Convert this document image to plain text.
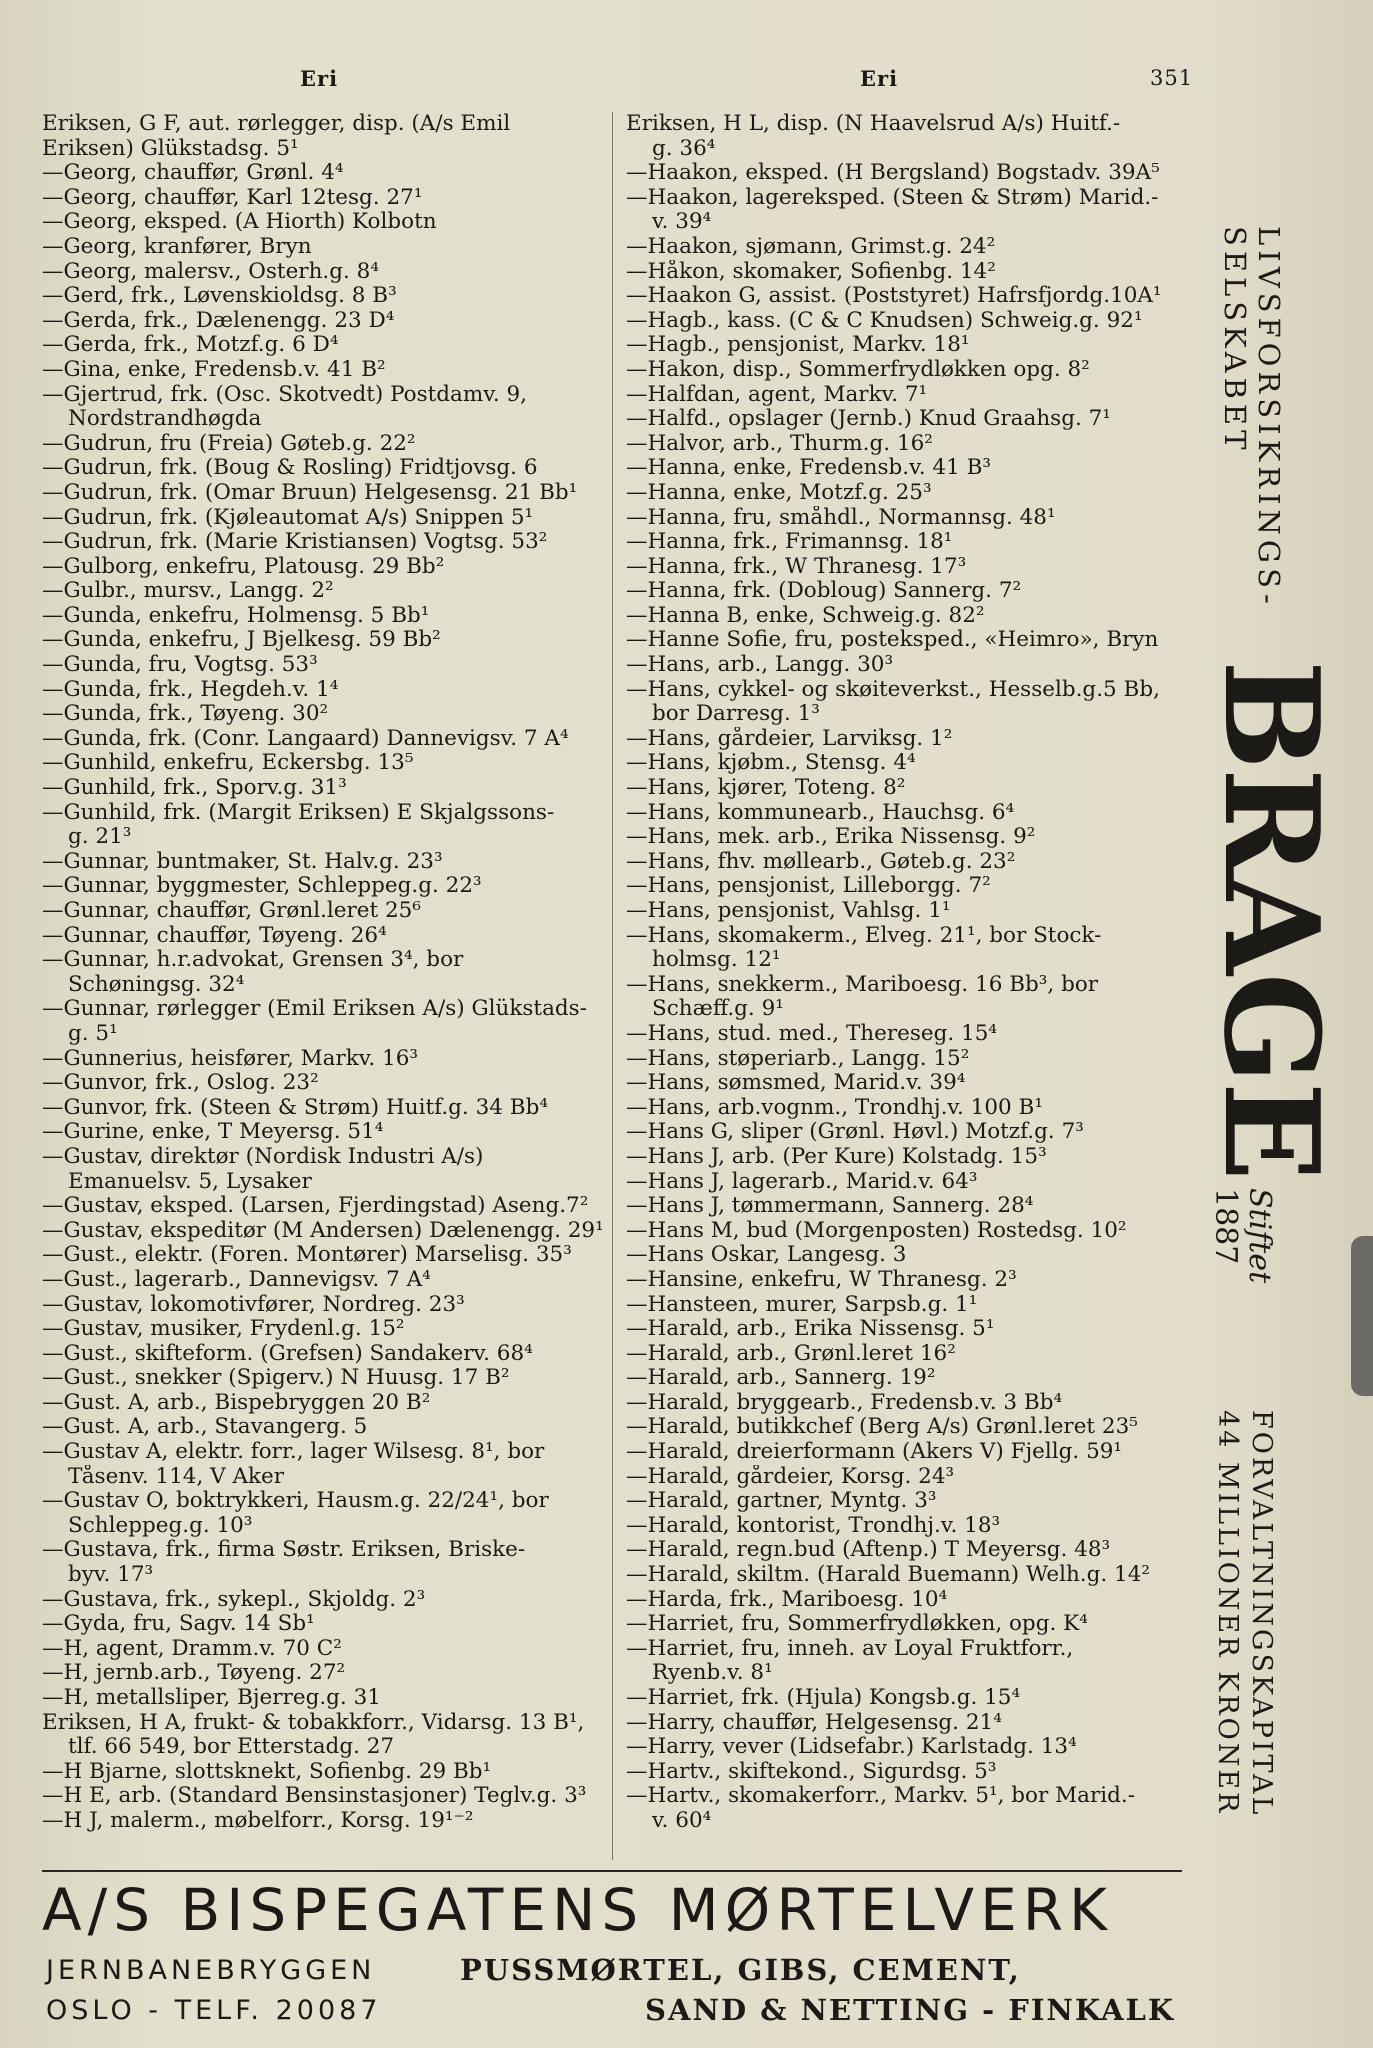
Eri	Eri	351
Eriksen, G F, aut. rørlegger, disp. (A/s Emil
Eriksen) Glükstadsg. 5¹
—Georg, chauffør, Grønl. 4⁴
—Georg, chauffør, Karl 12tesg. 27¹
—Georg, eksped. (A Hiorth) Kolbotn
—Georg, kranfører, Bryn
—Georg, malersv., Osterh.g. 8⁴
—Gerd, frk., Løvenskioldsg. 8 B³
—Gerda, frk., Dælenengg. 23 D⁴
—Gerda, frk., Motzf.g. 6 D⁴
—Gina, enke, Fredensb.v. 41 B²
—Gjertrud, frk. (Osc. Skotvedt) Postdamv. 9,
Nordstrandhøgda
—Gudrun, fru (Freia) Gøteb.g. 22²
—Gudrun, frk. (Boug & Rosling) Fridtjovsg. 6
—Gudrun, frk. (Omar Bruun) Helgesensg. 21 Bb¹
—Gudrun, frk. (Kjøleautomat A/s) Snippen 5¹
—Gudrun, frk. (Marie Kristiansen) Vogtsg. 53²
—Gulborg, enkefru, Platousg. 29 Bb²
—Gulbr., mursv., Langg. 2²
—Gunda, enkefru, Holmensg. 5 Bb¹
—Gunda, enkefru, J Bjelkesg. 59 Bb²
—Gunda, fru, Vogtsg. 53³
—Gunda, frk., Hegdeh.v. 1⁴
—Gunda, frk., Tøyeng. 30²
—Gunda, frk. (Conr. Langaard) Dannevigsv. 7 A⁴
—Gunhild, enkefru, Eckersbg. 13⁵
—Gunhild, frk., Sporv.g. 31³
—Gunhild, frk. (Margit Eriksen) E Skjalgssons-
g. 21³
—Gunnar, buntmaker, St. Halv.g. 23³
—Gunnar, byggmester, Schleppeg.g. 22³
—Gunnar, chauffør, Grønl.leret 25⁶
—Gunnar, chauffør, Tøyeng. 26⁴
—Gunnar, h.r.advokat, Grensen 3⁴, bor
Schøningsg. 32⁴
—Gunnar, rørlegger (Emil Eriksen A/s) Glükstads-
g. 5¹
—Gunnerius, heisfører, Markv. 16³
—Gunvor, frk., Oslog. 23²
—Gunvor, frk. (Steen & Strøm) Huitf.g. 34 Bb⁴
—Gurine, enke, T Meyersg. 51⁴
—Gustav, direktør (Nordisk Industri A/s)
Emanuelsv. 5, Lysaker
—Gustav, eksped. (Larsen, Fjerdingstad) Aseng.7²
—Gustav, ekspeditør (M Andersen) Dælenengg. 29¹
—Gust., elektr. (Foren. Montører) Marselisg. 35³
—Gust., lagerarb., Dannevigsv. 7 A⁴
—Gustav, lokomotivfører, Nordreg. 23³
—Gustav, musiker, Frydenl.g. 15²
—Gust., skifteform. (Grefsen) Sandakerv. 68⁴
—Gust., snekker (Spigerv.) N Huusg. 17 B²
—Gust. A, arb., Bispebryggen 20 B²
—Gust. A, arb., Stavangerg. 5
—Gustav A, elektr. forr., lager Wilsesg. 8¹, bor
Tåsenv. 114, V Aker
—Gustav O, boktrykkeri, Hausm.g. 22/24¹, bor
Schleppeg.g. 10³
—Gustava, frk., firma Søstr. Eriksen, Briske-
byv. 17³
—Gustava, frk., sykepl., Skjoldg. 2³
—Gyda, fru, Sagv. 14 Sb¹
—H, agent, Dramm.v. 70 C²
—H, jernb.arb., Tøyeng. 27²
—H, metallsliper, Bjerreg.g. 31
Eriksen, H A, frukt- & tobakkforr., Vidarsg. 13 B¹,
tlf. 66 549, bor Etterstadg. 27
—H Bjarne, slottsknekt, Sofienbg. 29 Bb¹
—H E, arb. (Standard Bensinstasjoner) Teglv.g. 3³
—H J, malerm., møbelforr., Korsg. 19¹⁻²
Eriksen, H L, disp. (N Haavelsrud A/s) Huitf.-
g. 36⁴
—Haakon, eksped. (H Bergsland) Bogstadv. 39A⁵
—Haakon, lagereksped. (Steen & Strøm) Marid.-
v. 39⁴
—Haakon, sjømann, Grimst.g. 24²
—Håkon, skomaker, Sofienbg. 14²
—Haakon G, assist. (Poststyret) Hafrsfjordg.10A¹
—Hagb., kass. (C & C Knudsen) Schweig.g. 92¹
—Hagb., pensjonist, Markv. 18¹
—Hakon, disp., Sommerfrydløkken opg. 8²
—Halfdan, agent, Markv. 7¹
—Halfd., opslager (Jernb.) Knud Graahsg. 7¹
—Halvor, arb., Thurm.g. 16²
—Hanna, enke, Fredensb.v. 41 B³
—Hanna, enke, Motzf.g. 25³
—Hanna, fru, småhdl., Normannsg. 48¹
—Hanna, frk., Frimannsg. 18¹
—Hanna, frk., W Thranesg. 17³
—Hanna, frk. (Dobloug) Sannerg. 7²
—Hanna B, enke, Schweig.g. 82²
—Hanne Sofie, fru, posteksped., «Heimro», Bryn
—Hans, arb., Langg. 30³
—Hans, cykkel- og skøiteverkst., Hesselb.g.5 Bb,
bor Darresg. 1³
—Hans, gårdeier, Larviksg. 1²
—Hans, kjøbm., Stensg. 4⁴
—Hans, kjører, Toteng. 8²
—Hans, kommunearb., Hauchsg. 6⁴
—Hans, mek. arb., Erika Nissensg. 9²
—Hans, fhv. møllearb., Gøteb.g. 23²
—Hans, pensjonist, Lilleborgg. 7²
—Hans, pensjonist, Vahlsg. 1¹
—Hans, skomakerm., Elveg. 21¹, bor Stock-
holmsg. 12¹
—Hans, snekkerm., Mariboesg. 16 Bb³, bor
Schæff.g. 9¹
—Hans, stud. med., Thereseg. 15⁴
—Hans, støperiarb., Langg. 15²
—Hans, sømsmed, Marid.v. 39⁴
—Hans, arb.vognm., Trondhj.v. 100 B¹
—Hans G, sliper (Grønl. Høvl.) Motzf.g. 7³
—Hans J, arb. (Per Kure) Kolstadg. 15³
—Hans J, lagerarb., Marid.v. 64³
—Hans J, tømmermann, Sannerg. 28⁴
—Hans M, bud (Morgenposten) Rostedsg. 10²
—Hans Oskar, Langesg. 3
—Hansine, enkefru, W Thranesg. 2³
—Hansteen, murer, Sarpsb.g. 1¹
—Harald, arb., Erika Nissensg. 5¹
—Harald, arb., Grønl.leret 16²
—Harald, arb., Sannerg. 19²
—Harald, bryggearb., Fredensb.v. 3 Bb⁴
—Harald, butikkchef (Berg A/s) Grønl.leret 23⁵
—Harald, dreierformann (Akers V) Fjellg. 59¹
—Harald, gårdeier, Korsg. 24³
—Harald, gartner, Myntg. 3³
—Harald, kontorist, Trondhj.v. 18³
—Harald, regn.bud (Aftenp.) T Meyersg. 48³
—Harald, skiltm. (Harald Buemann) Welh.g. 14²
—Harda, frk., Mariboesg. 10⁴
—Harriet, fru, Sommerfrydløkken, opg. K⁴
—Harriet, fru, inneh. av Loyal Fruktforr.,
Ryenb.v. 8¹
—Harriet, frk. (Hjula) Kongsb.g. 15⁴
—Harry, chauffør, Helgesensg. 21⁴
—Harry, vever (Lidsefabr.) Karlstadg. 13⁴
—Hartv., skiftekond., Sigurdsg. 5³
—Hartv., skomakerforr., Markv. 5¹, bor Marid.-
v. 60⁴
LIVSFORSIKRINGS-
SELSKABET
BRAGE
Stiftet
1887
FORVALTNINGSKAPITAL
44 MILLIONER KRONER
A/S BISPEGATENS MØRTELVERK
JERNBANEBRYGGEN
OSLO - TELF. 20087
PUSSMØRTEL, GIBS, CEMENT,
SAND & NETTING - FINKALK
